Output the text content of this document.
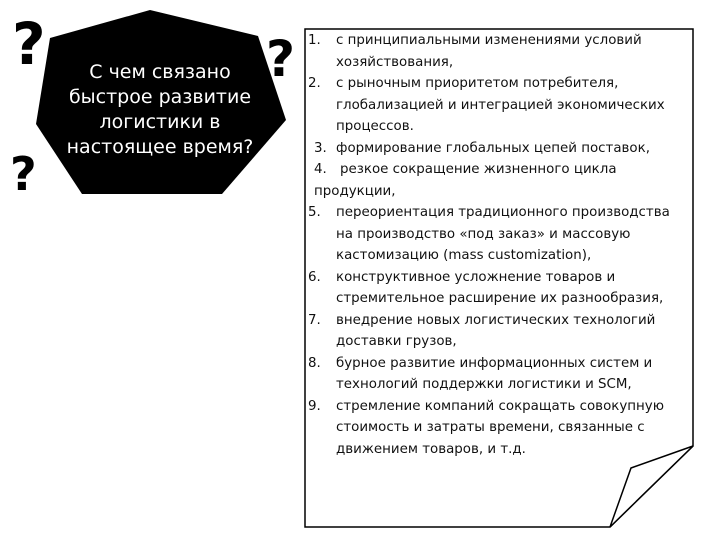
?
?
?
С чем связано
быстрое развитие
логистики в
настоящее время?

1. с принципиальными изменениями условий хозяйствования,

2. с рыночным приоритетом потребителя, глобализацией и интеграцией экономических процессов.

3. формирование глобальных цепей поставок,

4. резкое сокращение жизненного цикла продукции,

5. переориентация традиционного производства на производство «под заказ» и массовую кастомизацию (mass customization),

6. конструктивное усложнение товаров и стремительное расширение их разнообразия,

7. внедрение новых логистических технологий доставки грузов,

8. бурное развитие информационных систем и технологий поддержки логистики и SCM,

9. стремление компаний сокращать совокупную стоимость и затраты времени, связанные с движением товаров, и т.д.
